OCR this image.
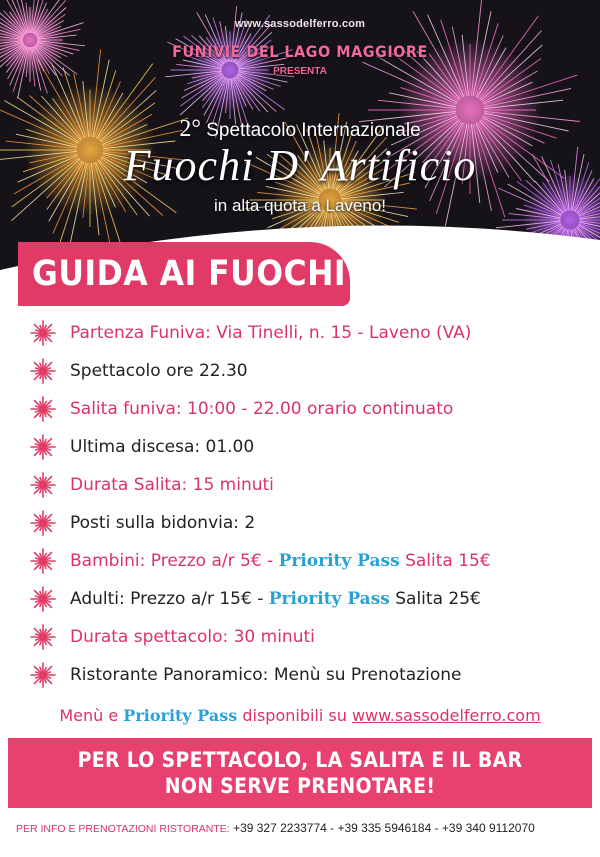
www.sassodelferro.com
FUNIVIE DEL LAGO MAGGIORE
PRESENTA
2° Spettacolo Internazionale
Fuochi D' Artificio
in alta quota a Laveno!
GUIDA AI FUOCHI
Partenza Funiva: Via Tinelli, n. 15 - Laveno (VA)
Spettacolo ore 22.30
Salita funiva: 10:00 - 22.00 orario continuato
Ultima discesa: 01.00
Durata Salita: 15 minuti
Posti sulla bidonvia: 2
Bambini: Prezzo a/r 5€ - Priority Pass Salita 15€
Adulti: Prezzo a/r 15€ - Priority Pass Salita 25€
Durata spettacolo: 30 minuti
Ristorante Panoramico: Menù su Prenotazione
Menù e Priority Pass disponibili su www.sassodelferro.com
PER LO SPETTACOLO, LA SALITA E IL BAR
NON SERVE PRENOTARE!
PER INFO E PRENOTAZIONI RISTORANTE: +39 327 2233774 - +39 335 5946184 - +39 340 9112070
